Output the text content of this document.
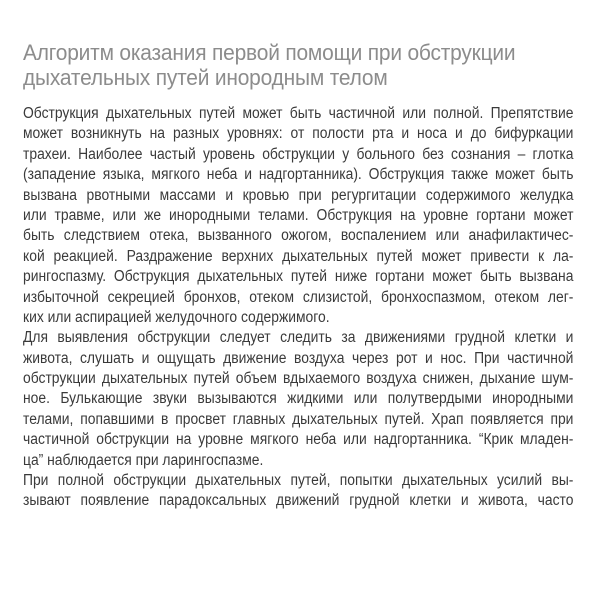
Алгоритм оказания первой помощи при обструкции
дыхательных путей инородным телом
Обструкция дыхательных путей может быть частичной или полной. Препятствие
может возникнуть на разных уровнях: от полости рта и носа и до бифуркации
трахеи. Наиболее частый уровень обструкции у больного без сознания – глотка
(западение языка, мягкого неба и надгортанника). Обструкция также может быть
вызвана рвотными массами и кровью при регургитации содержимого желудка
или травме, или же инородными телами. Обструкция на уровне гортани может
быть следствием отека, вызванного ожогом, воспалением или анафилактичес-
кой реакцией. Раздражение верхних дыхательных путей может привести к ла-
рингоспазму. Обструкция дыхательных путей ниже гортани может быть вызвана
избыточной секрецией бронхов, отеком слизистой, бронхоспазмом, отеком лег-
ких или аспирацией желудочного содержимого.
Для выявления обструкции следует следить за движениями грудной клетки и
живота, слушать и ощущать движение воздуха через рот и нос. При частичной
обструкции дыхательных путей объем вдыхаемого воздуха снижен, дыхание шум-
ное. Булькающие звуки вызываются жидкими или полутвердыми инородными
телами, попавшими в просвет главных дыхательных путей. Храп появляется при
частичной обструкции на уровне мягкого неба или надгортанника. “Крик младен-
ца” наблюдается при ларингоспазме.
При полной обструкции дыхательных путей, попытки дыхательных усилий вы-
зывают появление парадоксальных движений грудной клетки и живота, часто
